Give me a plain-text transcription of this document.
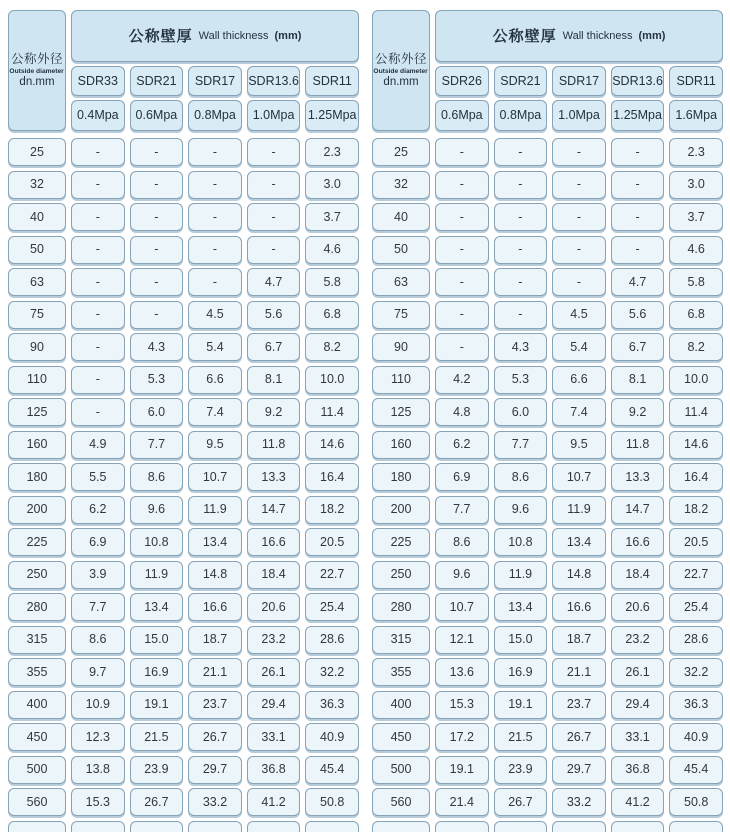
公称外径
Outside diameter
dn.mm
公称壁厚 Wall thickness (mm)
SDR33	SDR21	SDR17	SDR13.6	SDR11
0.4Mpa	0.6Mpa	0.8Mpa	1.0Mpa	1.25Mpa
25	-	-	-	-	2.3
32	-	-	-	-	3.0
40	-	-	-	-	3.7
50	-	-	-	-	4.6
63	-	-	-	4.7	5.8
75	-	-	4.5	5.6	6.8
90	-	4.3	5.4	6.7	8.2
110	-	5.3	6.6	8.1	10.0
125	-	6.0	7.4	9.2	11.4
160	4.9	7.7	9.5	11.8	14.6
180	5.5	8.6	10.7	13.3	16.4
200	6.2	9.6	11.9	14.7	18.2
225	6.9	10.8	13.4	16.6	20.5
250	3.9	11.9	14.8	18.4	22.7
280	7.7	13.4	16.6	20.6	25.4
315	8.6	15.0	18.7	23.2	28.6
355	9.7	16.9	21.1	26.1	32.2
400	10.9	19.1	23.7	29.4	36.3
450	12.3	21.5	26.7	33.1	40.9
500	13.8	23.9	29.7	36.8	45.4
560	15.3	26.7	33.2	41.2	50.8
公称外径
Outside diameter
dn.mm
公称壁厚 Wall thickness (mm)
SDR26	SDR21	SDR17	SDR13.6	SDR11
0.6Mpa	0.8Mpa	1.0Mpa	1.25Mpa	1.6Mpa
25	-	-	-	-	2.3
32	-	-	-	-	3.0
40	-	-	-	-	3.7
50	-	-	-	-	4.6
63	-	-	-	4.7	5.8
75	-	-	4.5	5.6	6.8
90	-	4.3	5.4	6.7	8.2
110	4.2	5.3	6.6	8.1	10.0
125	4.8	6.0	7.4	9.2	11.4
160	6.2	7.7	9.5	11.8	14.6
180	6.9	8.6	10.7	13.3	16.4
200	7.7	9.6	11.9	14.7	18.2
225	8.6	10.8	13.4	16.6	20.5
250	9.6	11.9	14.8	18.4	22.7
280	10.7	13.4	16.6	20.6	25.4
315	12.1	15.0	18.7	23.2	28.6
355	13.6	16.9	21.1	26.1	32.2
400	15.3	19.1	23.7	29.4	36.3
450	17.2	21.5	26.7	33.1	40.9
500	19.1	23.9	29.7	36.8	45.4
560	21.4	26.7	33.2	41.2	50.8
